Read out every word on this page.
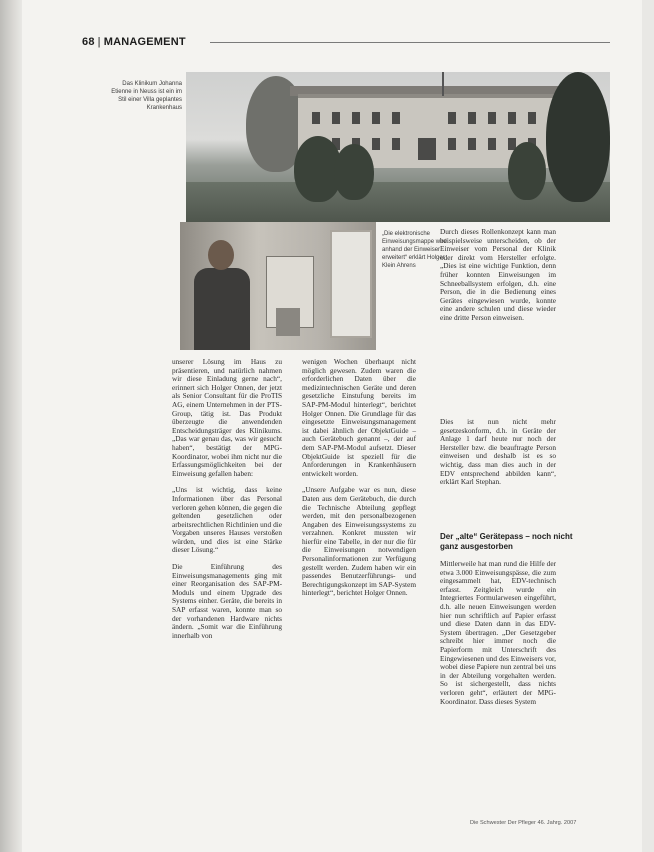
68 | MANAGEMENT
Das Klinikum Johanna Etienne in Neuss ist ein im Stil einer Villa geplantes Krankenhaus
„Die elektronische Einweisungsmappe wird anhand der Einweiser erweitert“ erklärt Holger Klein Ahrens

unserer Lösung im Haus zu präsentieren, und natürlich nahmen wir diese Einladung gerne nach“, erinnert sich Holger Onnen, der jetzt als Senior Consultant für die ProTIS AG, einem Unternehmen in der PTS-Group, tätig ist. Das Produkt überzeugte die anwendenden Entscheidungsträger des Klinikums. „Das war genau das, was wir gesucht haben“, bestätigt der MPG-Koordinator, wobei ihm nicht nur die Erfassungsmöglichkeiten bei der Einweisung gefallen haben:

„Uns ist wichtig, dass keine Informationen über das Personal verloren gehen können, die gegen die geltenden gesetzlichen oder arbeitsrechtlichen Richtlinien und die Vorgaben unseres Hauses verstoßen würden, und dies ist eine Stärke dieser Lösung.“

Die Einführung des Einweisungsmanagements ging mit einer Reorganisation des SAP-PM-Moduls und einem Upgrade des Systems einher. Geräte, die bereits in SAP erfasst waren, konnte man so der vorhandenen Hardware nichts ändern. „Somit war die Einführung innerhalb von

wenigen Wochen überhaupt nicht möglich gewesen. Zudem waren die erforderlichen Daten über die medizintechnischen Geräte und deren gesetzliche Einstufung bereits im SAP-PM-Modul hinterlegt“, berichtet Holger Onnen. Die Grundlage für das eingesetzte Einweisungsmanagement ist dabei ähnlich der ObjektGuide – auch Gerätebuch genannt –, der auf dem SAP-PM-Modul aufsetzt. Dieser ObjektGuide ist speziell für die Anforderungen in Krankenhäusern entwickelt worden.

„Unsere Aufgabe war es nun, diese Daten aus dem Gerätebuch, die durch die Technische Abteilung gepflegt werden, mit den personalbezogenen Angaben des Einweisungssystems zu verzahnen. Konkret mussten wir hierfür eine Tabelle, in der nur die für die Einweisungen notwendigen Personalinformationen zur Verfügung gestellt werden. Zudem haben wir ein passendes Benutzerführungs- und Berechtigungskonzept im SAP-System hinterlegt“, berichtet Holger Onnen.

Durch dieses Rollenkonzept kann man beispielsweise unterscheiden, ob der Einweiser vom Personal der Klinik oder direkt vom Hersteller erfolgte. „Dies ist eine wichtige Funktion, denn früher konnten Einweisungen im Schneeballsystem erfolgen, d.h. eine Person, die in die Bedienung eines Gerätes eingewiesen wurde, konnte eine andere schulen und diese wieder eine dritte Person einweisen.

Dies ist nun nicht mehr gesetzeskonform, d.h. in Geräte der Anlage 1 darf heute nur noch der Hersteller bzw. die beauftragte Person einweisen und deshalb ist es so wichtig, dass man dies auch in der EDV entsprechend abbilden kann“, erklärt Karl Stephan.

Der „alte“ Gerätepass – noch nicht ganz ausgestorben

Mittlerweile hat man rund die Hilfe der etwa 3.000 Einweisungspässe, die zum eingesammelt hat, EDV-technisch erfasst. Zeitgleich wurde ein Integriertes Formularwesen eingeführt, d.h. alle neuen Einweisungen werden hier nun schriftlich auf Papier erfasst und diese Daten dann in das EDV-System übertragen. „Der Gesetzgeber schreibt hier immer noch die Papierform mit Unterschrift des Eingewiesenen und des Einweisers vor, wobei diese Papiere nun zentral bei uns in der Abteilung vorgehalten werden. So ist sichergestellt, dass nichts verloren geht“, erläutert der MPG-Koordinator. Dass dieses System

Die Schwester Der Pfleger 46. Jahrg. 2007
